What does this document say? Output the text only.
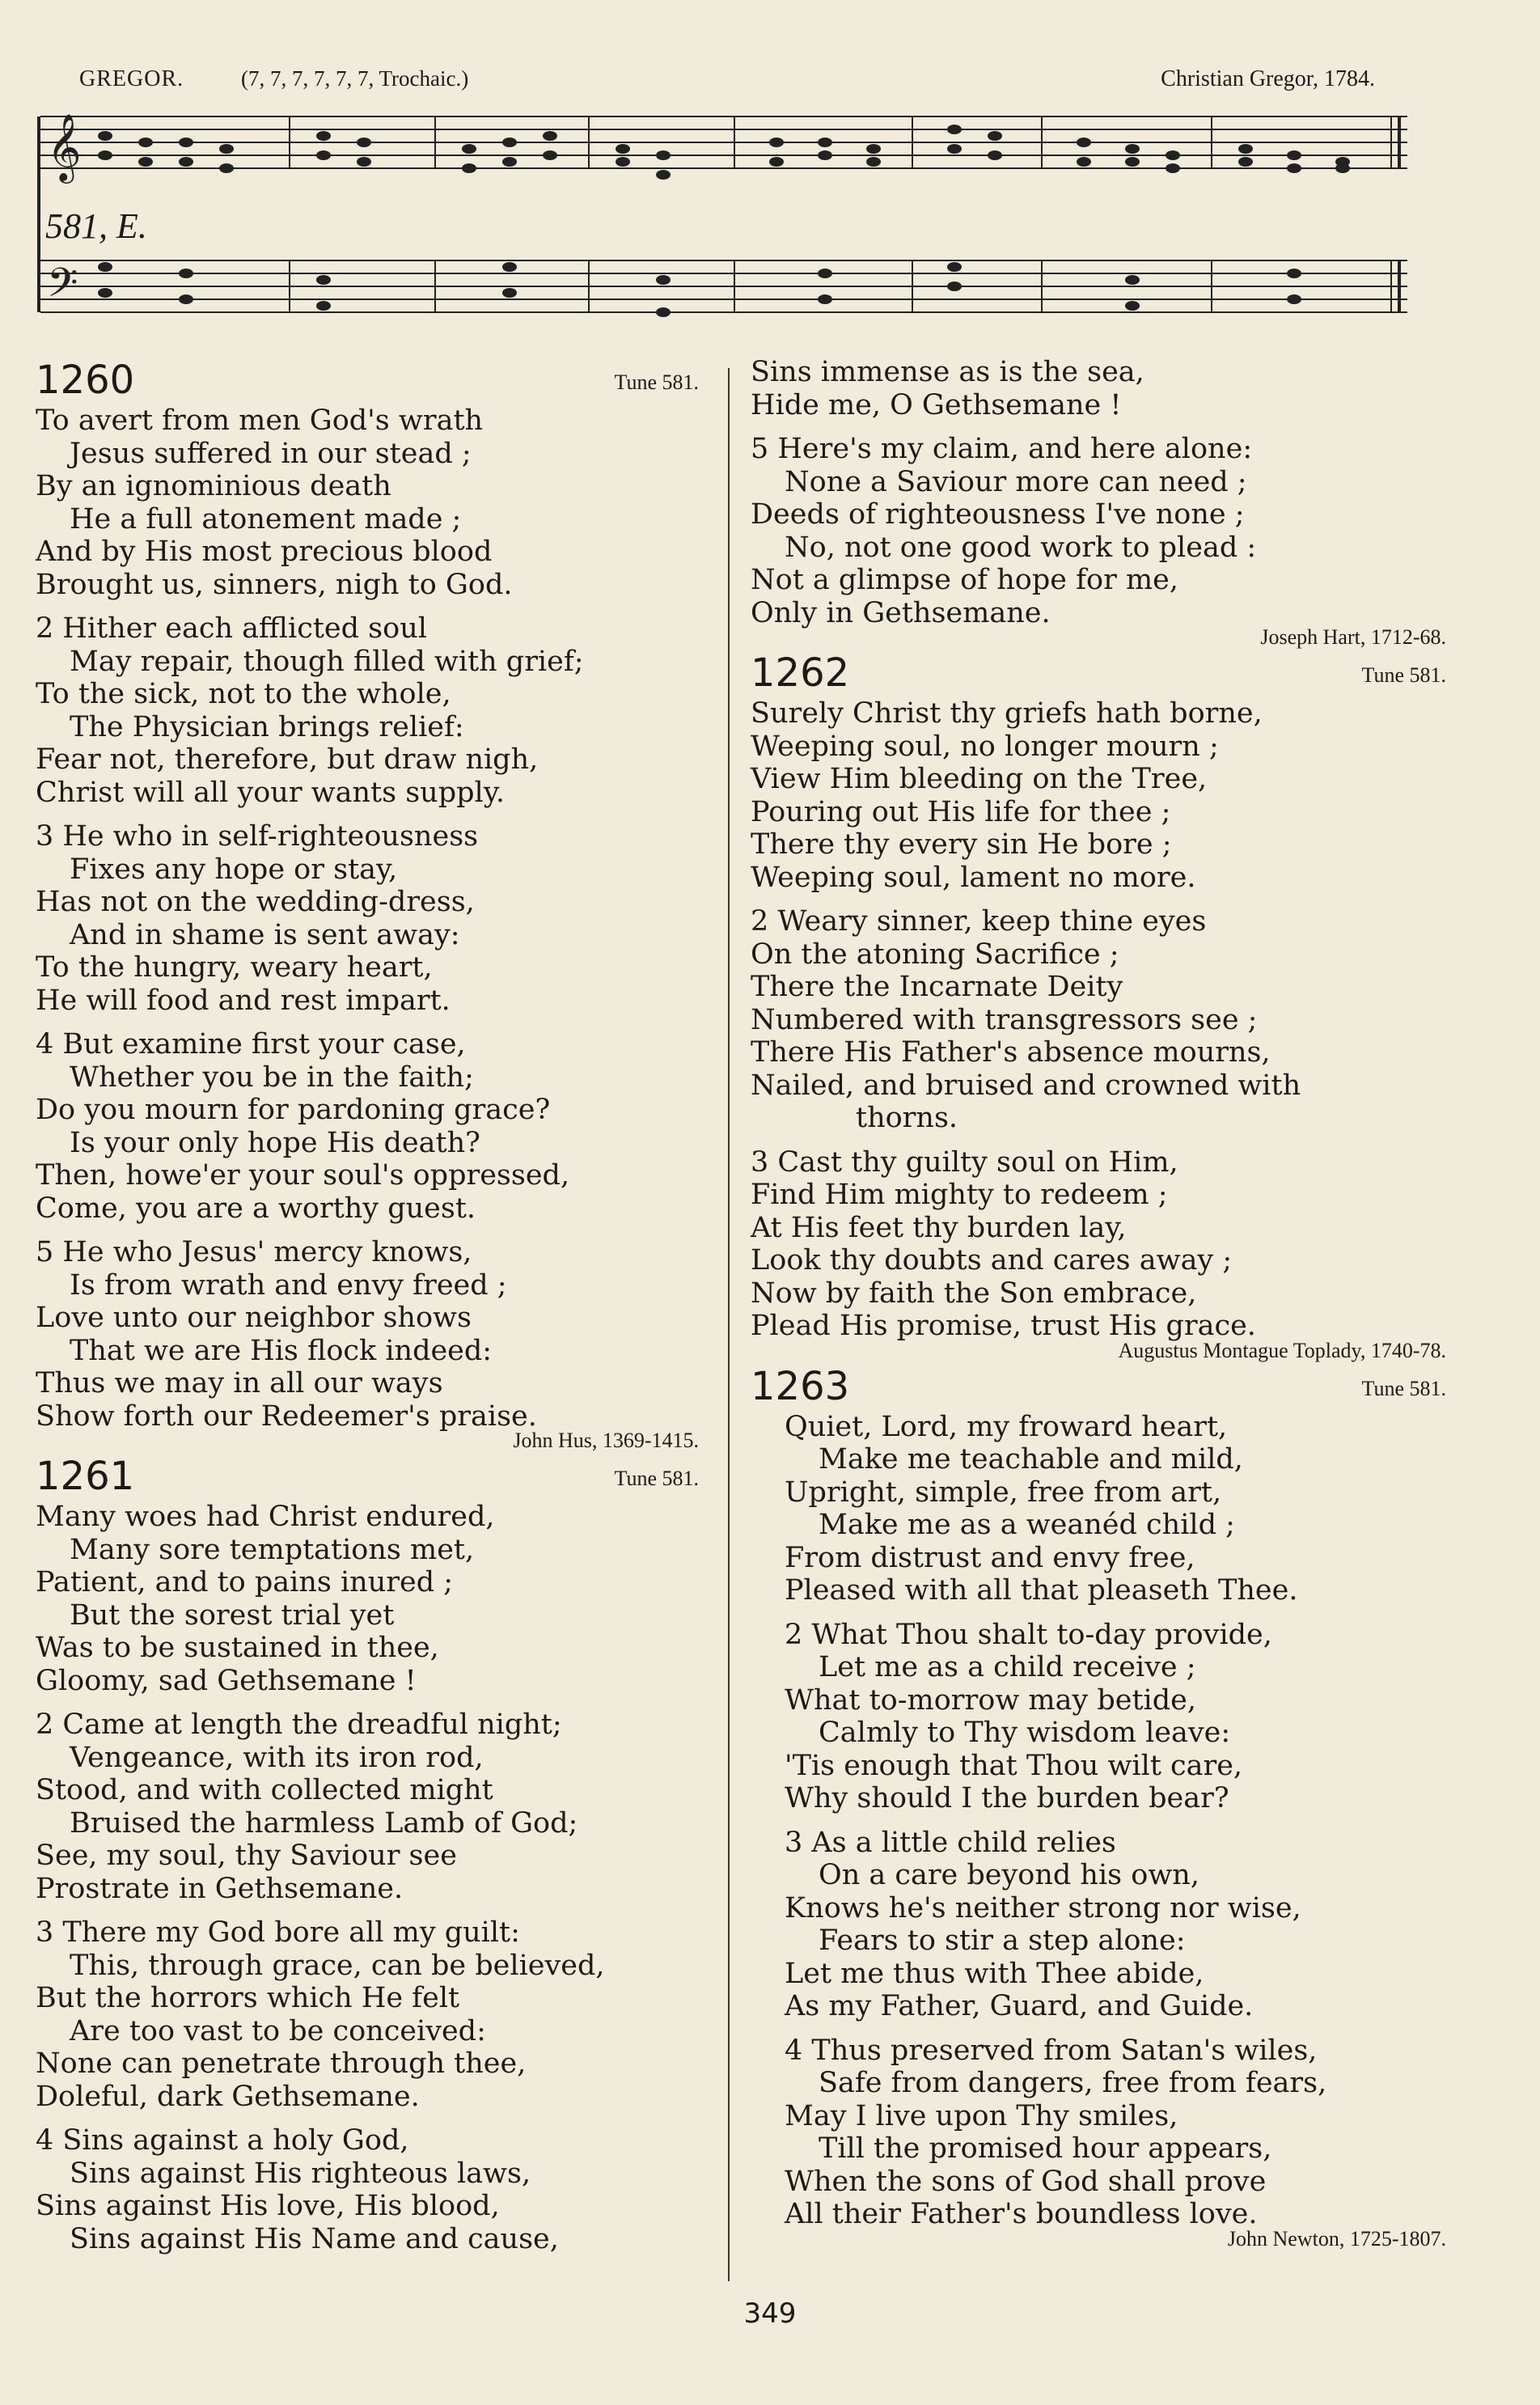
GREGOR.	(7, 7, 7, 7, 7, 7, Trochaic.)	Christian Gregor, 1784.
𝄞
𝄢
581, E.
1260	Tune 581.
To avert from men God's wrath
Jesus suffered in our stead ;
By an ignominious death
He a full atonement made ;
And by His most precious blood
Brought us, sinners, nigh to God.
2 Hither each afflicted soul
May repair, though filled with grief;
To the sick, not to the whole,
The Physician brings relief:
Fear not, therefore, but draw nigh,
Christ will all your wants supply.
3 He who in self-righteousness
Fixes any hope or stay,
Has not on the wedding-dress,
And in shame is sent away:
To the hungry, weary heart,
He will food and rest impart.
4 But examine first your case,
Whether you be in the faith;
Do you mourn for pardoning grace?
Is your only hope His death?
Then, howe'er your soul's oppressed,
Come, you are a worthy guest.
5 He who Jesus' mercy knows,
Is from wrath and envy freed ;
Love unto our neighbor shows
That we are His flock indeed:
Thus we may in all our ways
Show forth our Redeemer's praise.
John Hus, 1369-1415.
1261	Tune 581.
Many woes had Christ endured,
Many sore temptations met,
Patient, and to pains inured ;
But the sorest trial yet
Was to be sustained in thee,
Gloomy, sad Gethsemane !
2 Came at length the dreadful night;
Vengeance, with its iron rod,
Stood, and with collected might
Bruised the harmless Lamb of God;
See, my soul, thy Saviour see
Prostrate in Gethsemane.
3 There my God bore all my guilt:
This, through grace, can be believed,
But the horrors which He felt
Are too vast to be conceived:
None can penetrate through thee,
Doleful, dark Gethsemane.
4 Sins against a holy God,
Sins against His righteous laws,
Sins against His love, His blood,
Sins against His Name and cause,
Sins immense as is the sea,
Hide me, O Gethsemane !
5 Here's my claim, and here alone:
None a Saviour more can need ;
Deeds of righteousness I've none ;
No, not one good work to plead :
Not a glimpse of hope for me,
Only in Gethsemane.
Joseph Hart, 1712-68.
1262	Tune 581.
Surely Christ thy griefs hath borne,
Weeping soul, no longer mourn ;
View Him bleeding on the Tree,
Pouring out His life for thee ;
There thy every sin He bore ;
Weeping soul, lament no more.
2 Weary sinner, keep thine eyes
On the atoning Sacrifice ;
There the Incarnate Deity
Numbered with transgressors see ;
There His Father's absence mourns,
Nailed, and bruised and crowned with
thorns.
3 Cast thy guilty soul on Him,
Find Him mighty to redeem ;
At His feet thy burden lay,
Look thy doubts and cares away ;
Now by faith the Son embrace,
Plead His promise, trust His grace.
Augustus Montague Toplady, 1740-78.
1263	Tune 581.
Quiet, Lord, my froward heart,
Make me teachable and mild,
Upright, simple, free from art,
Make me as a weanéd child ;
From distrust and envy free,
Pleased with all that pleaseth Thee.
2 What Thou shalt to-day provide,
Let me as a child receive ;
What to-morrow may betide,
Calmly to Thy wisdom leave:
'Tis enough that Thou wilt care,
Why should I the burden bear?
3 As a little child relies
On a care beyond his own,
Knows he's neither strong nor wise,
Fears to stir a step alone:
Let me thus with Thee abide,
As my Father, Guard, and Guide.
4 Thus preserved from Satan's wiles,
Safe from dangers, free from fears,
May I live upon Thy smiles,
Till the promised hour appears,
When the sons of God shall prove
All their Father's boundless love.
John Newton, 1725-1807.
349
